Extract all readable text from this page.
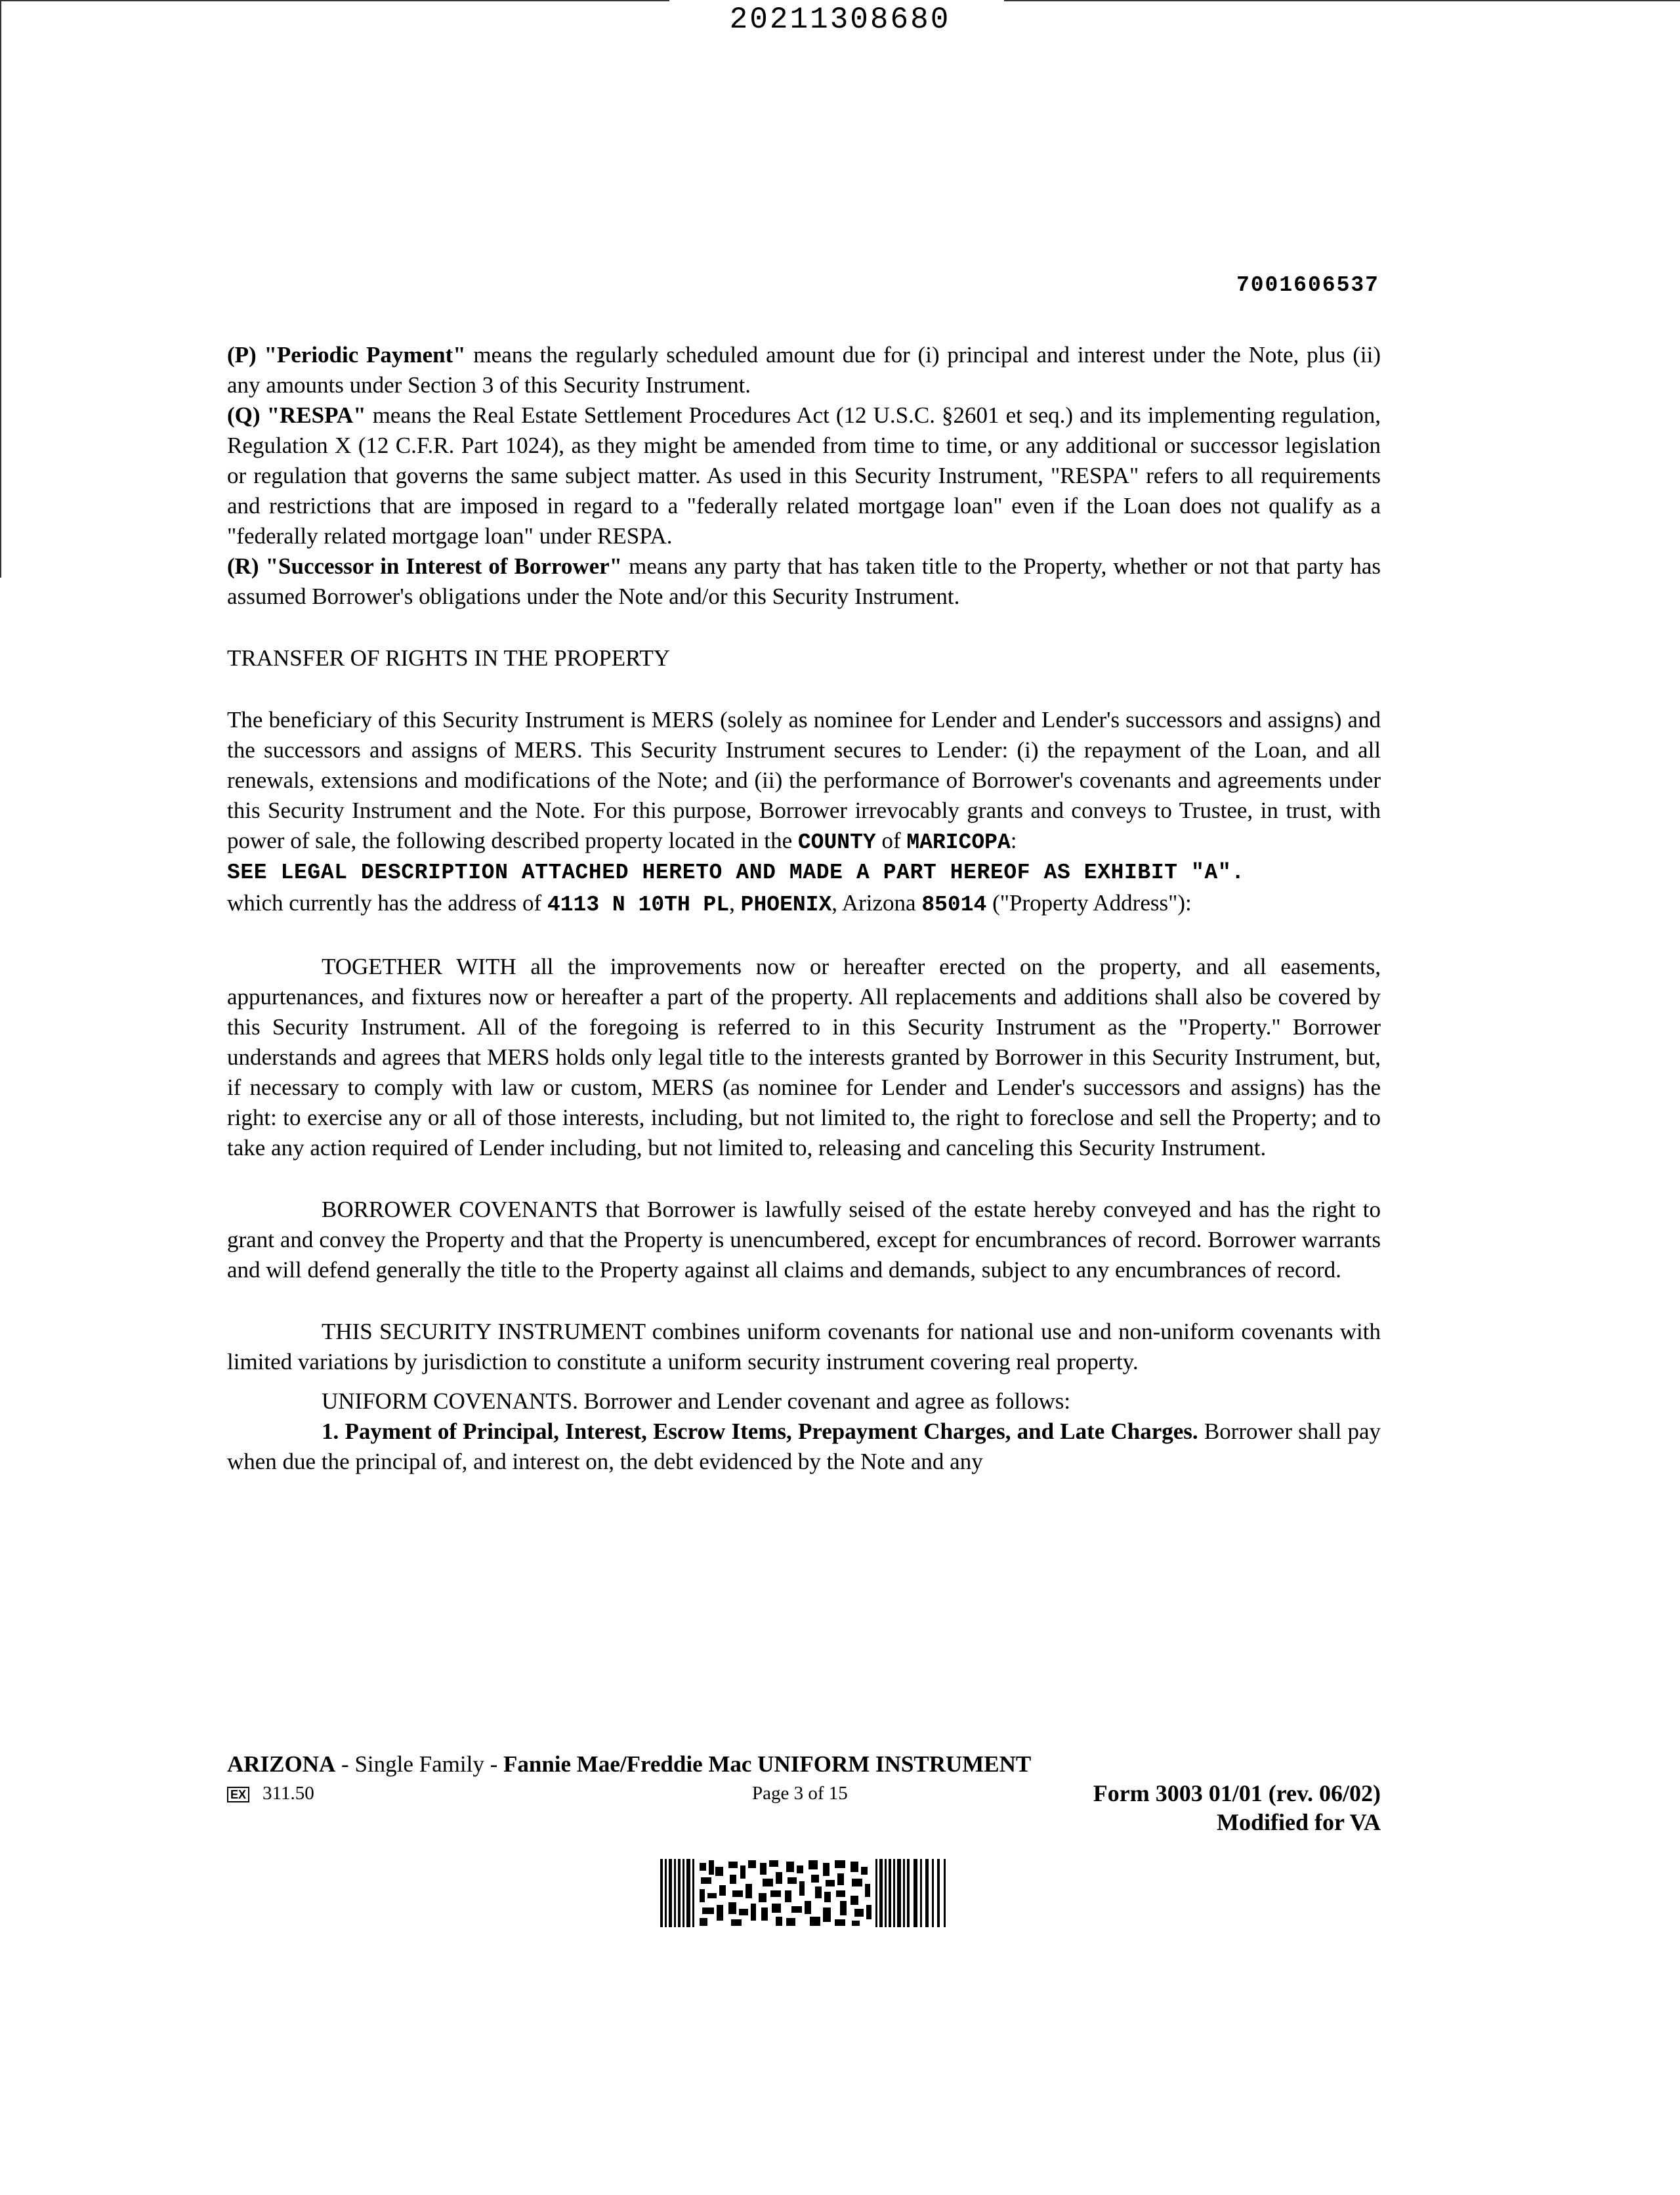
20211308680
7001606537

(P) "Periodic Payment" means the regularly scheduled amount due for (i) principal and interest under the Note, plus (ii) any amounts under Section 3 of this Security Instrument.

(Q) "RESPA" means the Real Estate Settlement Procedures Act (12 U.S.C. §2601 et seq.) and its implementing regulation, Regulation X (12 C.F.R. Part 1024), as they might be amended from time to time, or any additional or successor legislation or regulation that governs the same subject matter. As used in this Security Instrument, "RESPA" refers to all requirements and restrictions that are imposed in regard to a "federally related mortgage loan" even if the Loan does not qualify as a "federally related mortgage loan" under RESPA.

(R) "Successor in Interest of Borrower" means any party that has taken title to the Property, whether or not that party has assumed Borrower's obligations under the Note and/or this Security Instrument.

TRANSFER OF RIGHTS IN THE PROPERTY

The beneficiary of this Security Instrument is MERS (solely as nominee for Lender and Lender's successors and assigns) and the successors and assigns of MERS. This Security Instrument secures to Lender: (i) the repayment of the Loan, and all renewals, extensions and modifications of the Note; and (ii) the performance of Borrower's covenants and agreements under this Security Instrument and the Note. For this purpose, Borrower irrevocably grants and conveys to Trustee, in trust, with power of sale, the following described property located in the COUNTY of MARICOPA:

SEE LEGAL DESCRIPTION ATTACHED HERETO AND MADE A PART HEREOF AS EXHIBIT "A".

which currently has the address of 4113 N 10TH PL, PHOENIX, Arizona 85014 ("Property Address"):

TOGETHER WITH all the improvements now or hereafter erected on the property, and all easements, appurtenances, and fixtures now or hereafter a part of the property. All replacements and additions shall also be covered by this Security Instrument. All of the foregoing is referred to in this Security Instrument as the "Property." Borrower understands and agrees that MERS holds only legal title to the interests granted by Borrower in this Security Instrument, but, if necessary to comply with law or custom, MERS (as nominee for Lender and Lender's successors and assigns) has the right: to exercise any or all of those interests, including, but not limited to, the right to foreclose and sell the Property; and to take any action required of Lender including, but not limited to, releasing and canceling this Security Instrument.

BORROWER COVENANTS that Borrower is lawfully seised of the estate hereby conveyed and has the right to grant and convey the Property and that the Property is unencumbered, except for encumbrances of record. Borrower warrants and will defend generally the title to the Property against all claims and demands, subject to any encumbrances of record.

THIS SECURITY INSTRUMENT combines uniform covenants for national use and non-uniform covenants with limited variations by jurisdiction to constitute a uniform security instrument covering real property.

UNIFORM COVENANTS. Borrower and Lender covenant and agree as follows:

1. Payment of Principal, Interest, Escrow Items, Prepayment Charges, and Late Charges. Borrower shall pay when due the principal of, and interest on, the debt evidenced by the Note and any

ARIZONA - Single Family - Fannie Mae/Freddie Mac UNIFORM INSTRUMENT
EX 311.50	Page 3 of 15	Form 3003 01/01 (rev. 06/02)
Modified for VA
